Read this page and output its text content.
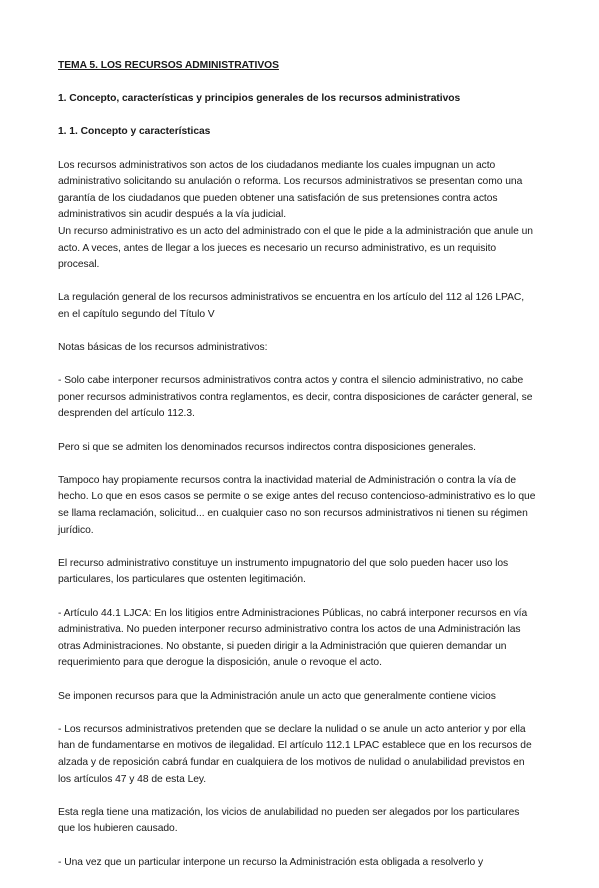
TEMA 5. LOS RECURSOS ADMINISTRATIVOS

1. Concepto, características y principios generales de los recursos administrativos

1. 1. Concepto y características

Los recursos administrativos son actos de los ciudadanos mediante los cuales impugnan un acto administrativo solicitando su anulación o reforma. Los recursos administrativos se presentan como una garantía de los ciudadanos que pueden obtener una satisfación de sus pretensiones contra actos administrativos sin acudir después a la vía judicial.

Un recurso administrativo es un acto del administrado con el que le pide a la administración que anule un acto. A veces, antes de llegar a los jueces es necesario un recurso administrativo, es un requisito procesal.

La regulación general de los recursos administrativos se encuentra en los artículo del 112 al 126 LPAC, en el capítulo segundo del Título V

Notas básicas de los recursos administrativos:

- Solo cabe interponer recursos administrativos contra actos y contra el silencio administrativo, no cabe poner recursos administrativos contra reglamentos, es decir, contra disposiciones de carácter general, se desprenden del artículo 112.3.

Pero si que se admiten los denominados recursos indirectos contra disposiciones generales.

Tampoco hay propiamente recursos contra la inactividad material de Administración o contra la vía de hecho. Lo que en esos casos se permite o se exige antes del recuso contencioso-administrativo es lo que se llama reclamación, solicitud... en cualquier caso no son recursos administrativos ni tienen su régimen jurídico.

El recurso administrativo constituye un instrumento impugnatorio del que solo pueden hacer uso los particulares, los particulares que ostenten legitimación.

- Artículo 44.1 LJCA: En los litigios entre Administraciones Públicas, no cabrá interponer recursos en vía administrativa. No pueden interponer recurso administrativo contra los actos de una Administración las otras Administraciones. No obstante, si pueden dirigir a la Administración que quieren demandar un requerimiento para que derogue la disposición, anule o revoque el acto.

Se imponen recursos para que la Administración anule un acto que generalmente contiene vicios

- Los recursos administrativos pretenden que se declare la nulidad o se anule un acto anterior y por ella han de fundamentarse en motivos de ilegalidad. El artículo 112.1 LPAC establece que en los recursos de alzada y de reposición cabrá fundar en cualquiera de los motivos de nulidad o anulabilidad previstos en los artículos 47 y 48 de esta Ley.

Esta regla tiene una matización, los vicios de anulabilidad no pueden ser alegados por los particulares que los hubieren causado.

- Una vez que un particular interpone un recurso la Administración esta obligada a resolverlo y
